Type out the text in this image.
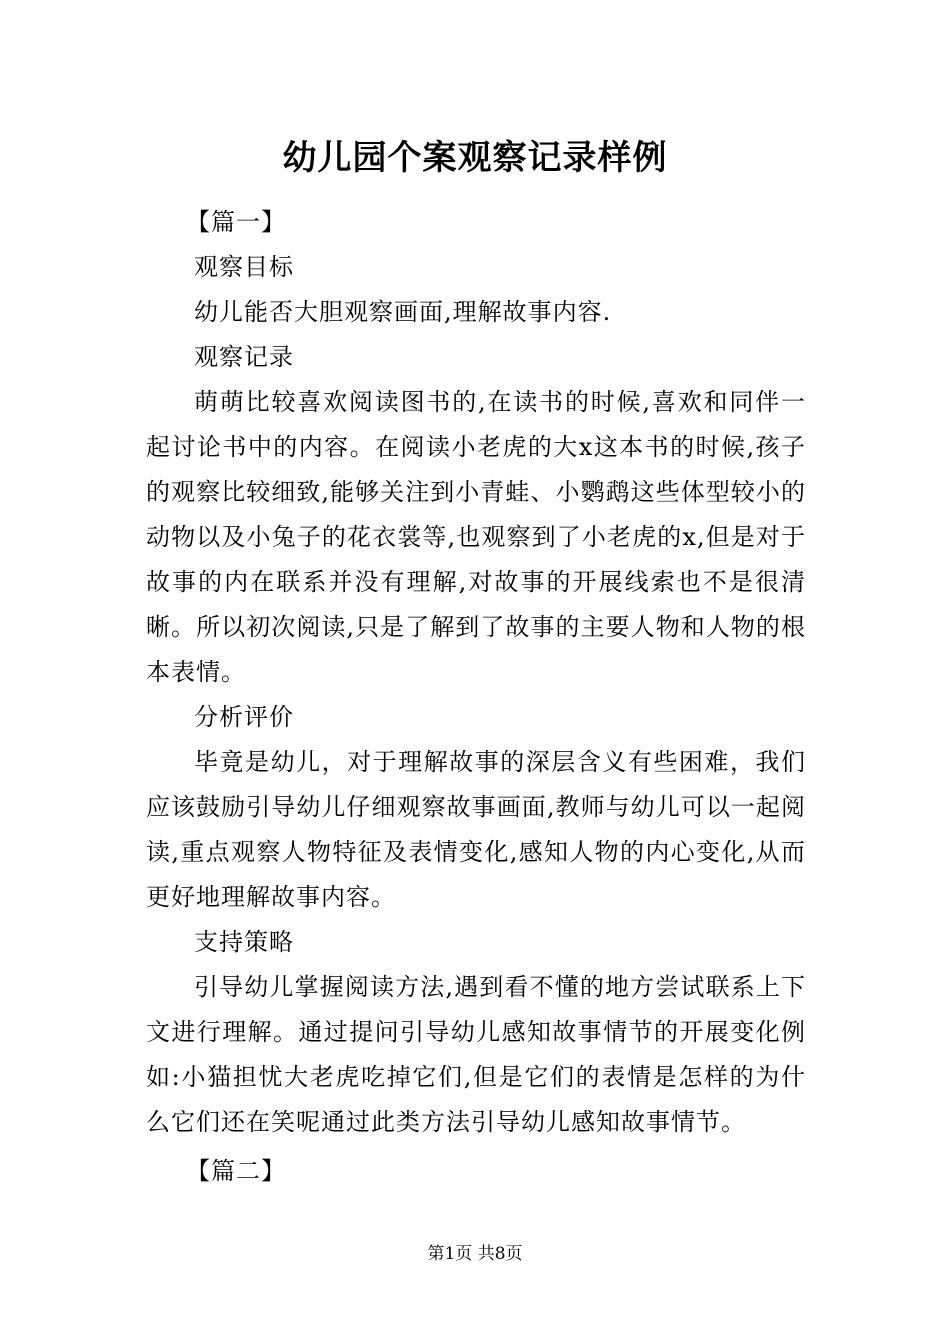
幼儿园个案观察记录样例

【篇一】

观察目标

幼儿能否大胆观察画面,理解故事内容.

观察记录

萌萌比较喜欢阅读图书的,在读书的时候,喜欢和同伴一起讨论书中的内容。在阅读小老虎的大x这本书的时候,孩子的观察比较细致,能够关注到小青蛙、小鹦鹉这些体型较小的动物以及小兔子的花衣裳等,也观察到了小老虎的x,但是对于故事的内在联系并没有理解,对故事的开展线索也不是很清晰。所以初次阅读,只是了解到了故事的主要人物和人物的根本表情。

分析评价

毕竟是幼儿，对于理解故事的深层含义有些困难，我们应该鼓励引导幼儿仔细观察故事画面,教师与幼儿可以一起阅读,重点观察人物特征及表情变化,感知人物的内心变化,从而更好地理解故事内容。

支持策略

引导幼儿掌握阅读方法,遇到看不懂的地方尝试联系上下文进行理解。通过提问引导幼儿感知故事情节的开展变化例如:小猫担忧大老虎吃掉它们,但是它们的表情是怎样的为什么它们还在笑呢通过此类方法引导幼儿感知故事情节。

【篇二】

第1页 共8页
